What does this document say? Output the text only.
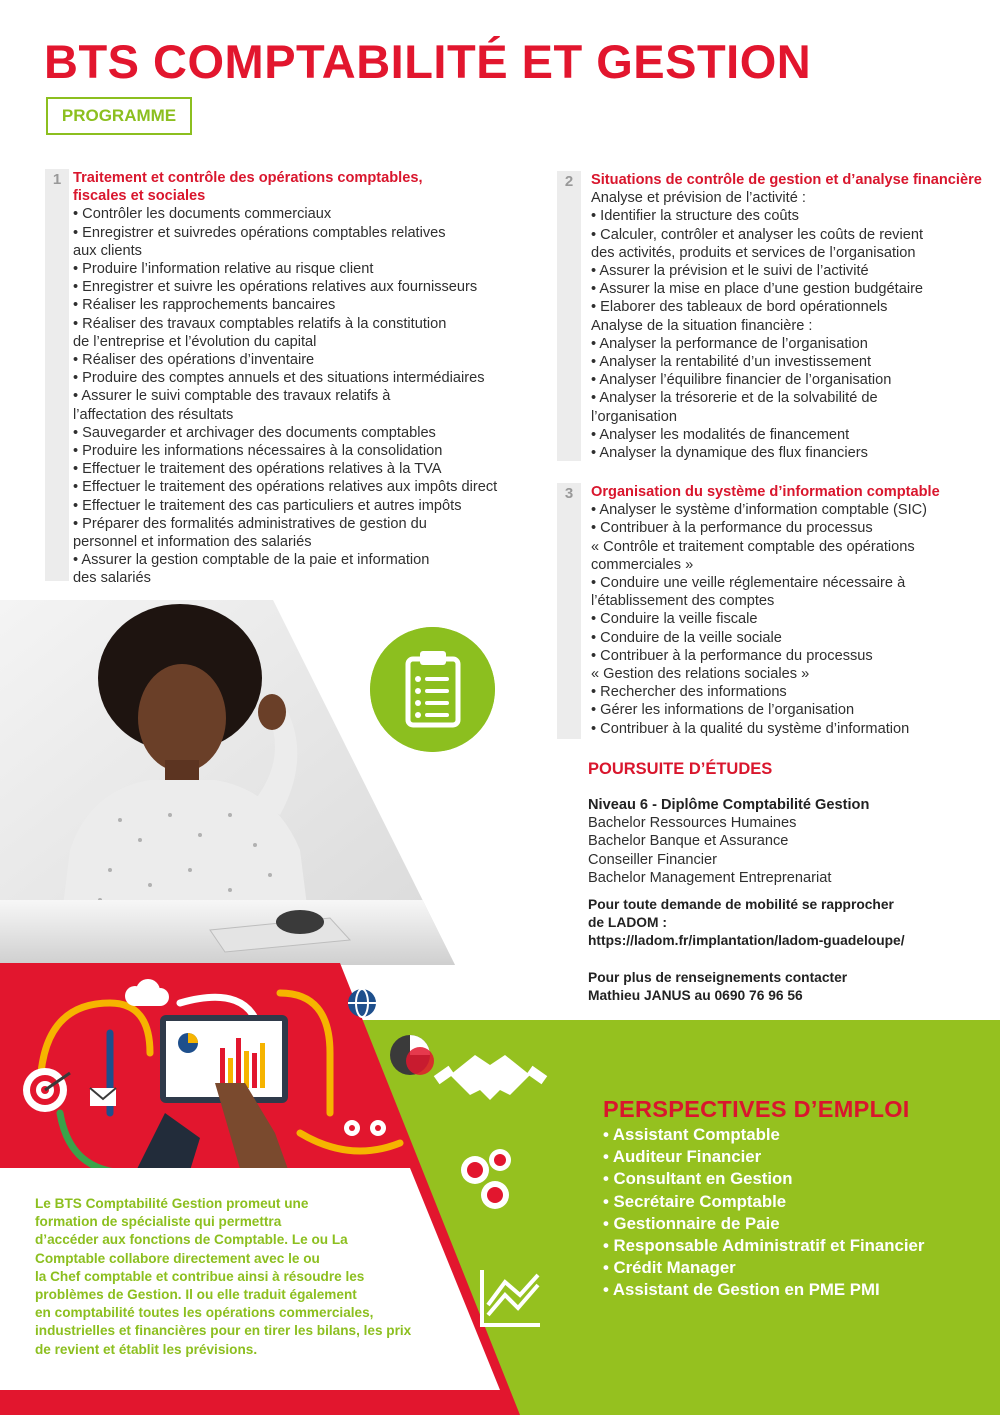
BTS COMPTABILITÉ ET GESTION
PROGRAMME
1 Traitement et contrôle des opérations comptables,
fiscales et sociales
• Contrôler les documents commerciaux
• Enregistrer et suivredes opérations comptables relatives
aux clients
• Produire l’information relative au risque client
• Enregistrer et suivre les opérations relatives aux fournisseurs
• Réaliser les rapprochements bancaires
• Réaliser des travaux comptables relatifs à la constitution
de l’entreprise et l’évolution du capital
• Réaliser des opérations d’inventaire
• Produire des comptes annuels et des situations intermédiaires
• Assurer le suivi comptable des travaux relatifs à
l’affectation des résultats
• Sauvegarder et archivager des documents comptables
• Produire les informations nécessaires à la consolidation
• Effectuer le traitement des opérations relatives à la TVA
• Effectuer le traitement des opérations relatives aux impôts direct
• Effectuer le traitement des cas particuliers et autres impôts
• Préparer des formalités administratives de gestion du
personnel et information des salariés
• Assurer la gestion comptable de la paie et information
des salariés
2	Situations de contrôle de gestion et d’analyse financière
Analyse et prévision de l’activité :
• Identifier la structure des coûts
• Calculer, contrôler et analyser les coûts de revient
des activités, produits et services de l’organisation
• Assurer la prévision et le suivi de l’activité
• Assurer la mise en place d’une gestion budgétaire
• Elaborer des tableaux de bord opérationnels
Analyse de la situation financière :
• Analyser la performance de l’organisation
• Analyser la rentabilité d’un investissement
• Analyser l’équilibre financier de l’organisation
• Analyser la trésorerie et de la solvabilité de
l’organisation
• Analyser les modalités de financement
• Analyser la dynamique des flux financiers
3	Organisation du système d’information comptable
• Analyser le système d’information comptable (SIC)
• Contribuer à la performance du processus
« Contrôle et traitement comptable des opérations
commerciales »
• Conduire une veille réglementaire nécessaire à
l’établissement des comptes
• Conduire la veille fiscale
• Conduire de la veille sociale
• Contribuer à la performance du processus
« Gestion des relations sociales »
• Rechercher des informations
• Gérer les informations de l’organisation
• Contribuer à la qualité du système d’information
POURSUITE D’ÉTUDES
Niveau 6 - Diplôme Comptabilité Gestion
Bachelor Ressources Humaines
Bachelor Banque et Assurance
Conseiller Financier
Bachelor Management Entreprenariat
Pour toute demande de mobilité se rapprocher
de LADOM :
https://ladom.fr/implantation/ladom-guadeloupe/
Pour plus de renseignements contacter
Mathieu JANUS au 0690 76 96 56
Le BTS Comptabilité Gestion promeut une
formation de spécialiste qui permettra
d’accéder aux fonctions de Comptable. Le ou La
Comptable collabore directement avec le ou
la Chef comptable et contribue ainsi à résoudre les
problèmes de Gestion. Il ou elle traduit également
en comptabilité toutes les opérations commerciales,
industrielles et financières pour en tirer les bilans, les prix
de revient et établit les prévisions.
PERSPECTIVES D’EMPLOI
• Assistant Comptable
• Auditeur Financier
• Consultant en Gestion
• Secrétaire Comptable
• Gestionnaire de Paie
• Responsable Administratif et Financier
• Crédit Manager
• Assistant de Gestion en PME PMI
